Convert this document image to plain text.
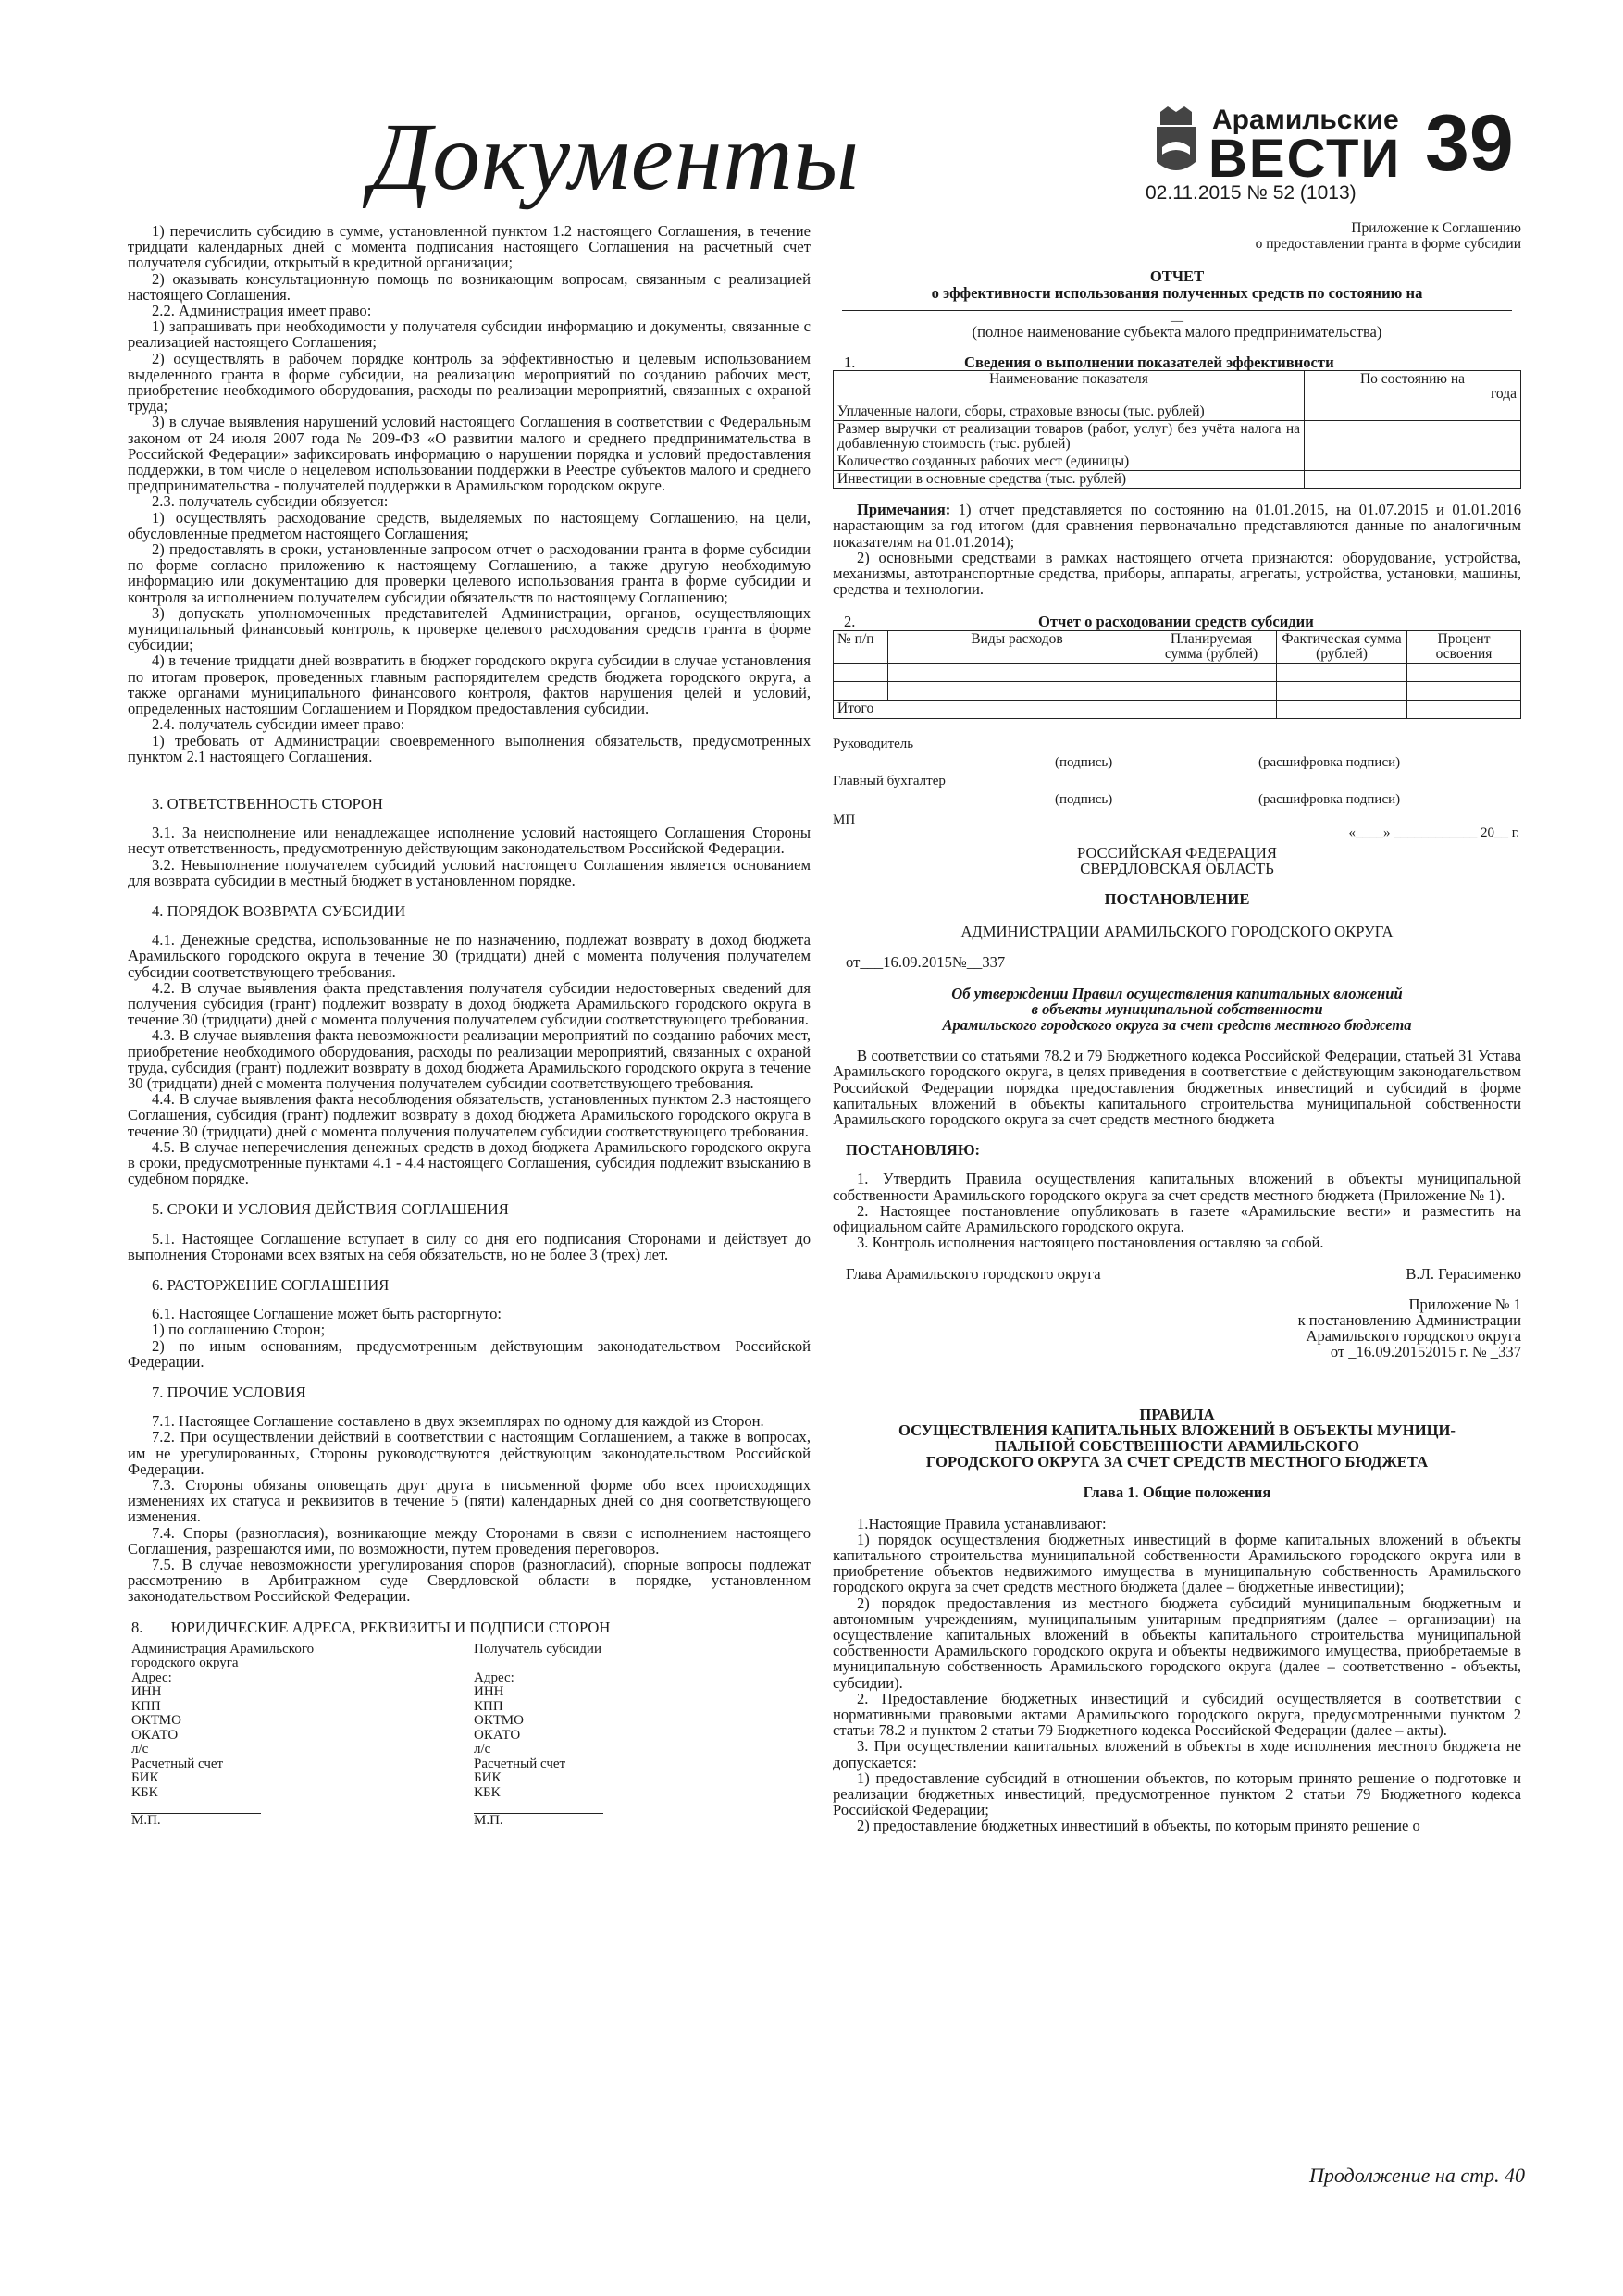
Документы	Арамильские
ВЕСТИ 39
02.11.2015 № 52 (1013)

1) перечислить субсидию в сумме, установленной пунктом 1.2 настоящего Соглашения, в течение тридцати календарных дней с момента подписания настоящего Соглашения на расчетный счет получателя субсидии, открытый в кредитной организации;

2) оказывать консультационную помощь по возникающим вопросам, связанным с реализацией настоящего Соглашения.

2.2. Администрация имеет право:

1) запрашивать при необходимости у получателя субсидии информацию и документы, связанные с реализацией настоящего Соглашения;

2) осуществлять в рабочем порядке контроль за эффективностью и целевым использованием выделенного гранта в форме субсидии, на реализацию мероприятий по созданию рабочих мест, приобретение необходимого оборудования, расходы по реализации мероприятий, связанных с охраной труда;

3) в случае выявления нарушений условий настоящего Соглашения в соответствии с Федеральным законом от 24 июля 2007 года № 209-ФЗ «О развитии малого и среднего предпринимательства в Российской Федерации» зафиксировать информацию о нарушении порядка и условий предоставления поддержки, в том числе о нецелевом использовании поддержки в Реестре субъектов малого и среднего предпринимательства - получателей поддержки в Арамильском городском округе.

2.3. получатель субсидии обязуется:

1) осуществлять расходование средств, выделяемых по настоящему Соглашению, на цели, обусловленные предметом настоящего Соглашения;

2) предоставлять в сроки, установленные запросом отчет о расходовании гранта в форме субсидии по форме согласно приложению к настоящему Соглашению, а также другую необходимую информацию или документацию для проверки целевого использования гранта в форме субсидии и контроля за исполнением получателем субсидии обязательств по настоящему Соглашению;

3) допускать уполномоченных представителей Администрации, органов, осуществляющих муниципальный финансовый контроль, к проверке целевого расходования средств гранта в форме субсидии;

4) в течение тридцати дней возвратить в бюджет городского округа субсидии в случае установления по итогам проверок, проведенных главным распорядителем средств бюджета городского округа, а также органами муниципального финансового контроля, фактов нарушения целей и условий, определенных настоящим Соглашением и Порядком предоставления субсидии.

2.4. получатель субсидии имеет право:

1) требовать от Администрации своевременного выполнения обязательств, предусмотренных пунктом 2.1 настоящего Соглашения.

3. ОТВЕТСТВЕННОСТЬ СТОРОН

3.1. За неисполнение или ненадлежащее исполнение условий настоящего Соглашения Стороны несут ответственность, предусмотренную действующим законодательством Российской Федерации.

3.2. Невыполнение получателем субсидий условий настоящего Соглашения является основанием для возврата субсидии в местный бюджет в установленном порядке.

4. ПОРЯДОК ВОЗВРАТА СУБСИДИИ

4.1. Денежные средства, использованные не по назначению, подлежат возврату в доход бюджета Арамильского городского округа в течение 30 (тридцати) дней с момента получения получателем субсидии соответствующего требования.

4.2. В случае выявления факта представления получателя субсидии недостоверных сведений для получения субсидия (грант) подлежит возврату в доход бюджета Арамильского городского округа в течение 30 (тридцати) дней с момента получения получателем субсидии соответствующего требования.

4.3. В случае выявления факта невозможности реализации мероприятий по созданию рабочих мест, приобретение необходимого оборудования, расходы по реализации мероприятий, связанных с охраной труда, субсидия (грант) подлежит возврату в доход бюджета Арамильского городского округа в течение 30 (тридцати) дней с момента получения получателем субсидии соответствующего требования.

4.4. В случае выявления факта несоблюдения обязательств, установленных пунктом 2.3 настоящего Соглашения, субсидия (грант) подлежит возврату в доход бюджета Арамильского городского округа в течение 30 (тридцати) дней с момента получения получателем субсидии соответствующего требования.

4.5. В случае неперечисления денежных средств в доход бюджета Арамильского городского округа в сроки, предусмотренные пунктами 4.1 - 4.4 настоящего Соглашения, субсидия подлежит взысканию в судебном порядке.

5. СРОКИ И УСЛОВИЯ ДЕЙСТВИЯ СОГЛАШЕНИЯ

5.1. Настоящее Соглашение вступает в силу со дня его подписания Сторонами и действует до выполнения Сторонами всех взятых на себя обязательств, но не более 3 (трех) лет.

6. РАСТОРЖЕНИЕ СОГЛАШЕНИЯ

6.1. Настоящее Соглашение может быть расторгнуто:

1) по соглашению Сторон;

2) по иным основаниям, предусмотренным действующим законодательством Российской Федерации.

7. ПРОЧИЕ УСЛОВИЯ

7.1. Настоящее Соглашение составлено в двух экземплярах по одному для каждой из Сторон.

7.2. При осуществлении действий в соответствии с настоящим Соглашением, а также в вопросах, им не урегулированных, Стороны руководствуются действующим законодательством Российской Федерации.

7.3. Стороны обязаны оповещать друг друга в письменной форме обо всех происходящих изменениях их статуса и реквизитов в течение 5 (пяти) календарных дней со дня соответствующего изменения.

7.4. Споры (разногласия), возникающие между Сторонами в связи с исполнением настоящего Соглашения, разрешаются ими, по возможности, путем проведения переговоров.

7.5. В случае невозможности урегулирования споров (разногласий), спорные вопросы подлежат рассмотрению в Арбитражном суде Свердловской области в порядке, установленном законодательством Российской Федерации.

8. ЮРИДИЧЕСКИЕ АДРЕСА, РЕКВИЗИТЫ И ПОДПИСИ СТОРОН

Администрация Арамильского
городского округа
Адрес:
ИНН
КПП
ОКТМО
ОКАТО
л/с
Расчетный счет
БИК
КБК
М.П.
Получатель субсидии
Адрес:
ИНН
КПП
ОКТМО
ОКАТО
л/с
Расчетный счет
БИК
КБК
М.П.

Приложение к Соглашению

о предоставлении гранта в форме субсидии

ОТЧЕТ

о эффективности использования полученных средств по состоянию на

__

(полное наименование субъекта малого предпринимательства)

1.	Сведения о выполнении показателей эффективности
Наименование показателя	По состоянию на
года

Уплаченные налоги, сборы, страховые взносы (тыс. рублей)	
Размер выручки от реализации товаров (работ, услуг) без учёта налога на добавленную стоимость (тыс. рублей)	
Количество созданных рабочих мест (единицы)	
Инвестиции в основные средства (тыс. рублей)	

Примечания: 1) отчет представляется по состоянию на 01.01.2015, на 01.07.2015 и 01.01.2016 нарастающим за год итогом (для сравнения первоначально представляются данные по аналогичным показателям на 01.01.2014);

2) основными средствами в рамках настоящего отчета признаются: оборудование, устройства, механизмы, автотранспортные средства, приборы, аппараты, агрегаты, устройства, установки, машины, средства и технологии.

2.	Отчет о расходовании средств субсидии
№ п/п	Виды расходов	Планируемая сумма (рублей)	Фактическая сумма (рублей)	Процент освоения

Итого				
Руководитель
(подпись)	(расшифровка подписи)
Главный бухгалтер
(подпись)	(расшифровка подписи)
МП
«____» ____________ 20__ г.

РОССИЙСКАЯ ФЕДЕРАЦИЯ

СВЕРДЛОВСКАЯ ОБЛАСТЬ

ПОСТАНОВЛЕНИЕ

АДМИНИСТРАЦИИ АРАМИЛЬСКОГО ГОРОДСКОГО ОКРУГА

от___16.09.2015№__337

Об утверждении Правил осуществления капитальных вложений

в объекты муниципальной собственности

Арамильского городского округа за счет средств местного бюджета

В соответствии со статьями 78.2 и 79 Бюджетного кодекса Российской Федерации, статьей 31 Устава Арамильского городского округа, в целях приведения в соответствие с действующим законодательством Российской Федерации порядка предоставления бюджетных инвестиций и субсидий в форме капитальных вложений в объекты капитального строительства муниципальной собственности Арамильского городского округа за счет средств местного бюджета

ПОСТАНОВЛЯЮ:

1. Утвердить Правила осуществления капитальных вложений в объекты муниципальной собственности Арамильского городского округа за счет средств местного бюджета (Приложение № 1).

2. Настоящее постановление опубликовать в газете «Арамильские вести» и разместить на официальном сайте Арамильского городского округа.

3. Контроль исполнения настоящего постановления оставляю за собой.

Глава Арамильского городского округа	В.Л. Герасименко

Приложение № 1

к постановлению Администрации

Арамильского городского округа

от _16.09.20152015 г. № _337

ПРАВИЛА

ОСУЩЕСТВЛЕНИЯ КАПИТАЛЬНЫХ ВЛОЖЕНИЙ В ОБЪЕКТЫ МУНИЦИ-

ПАЛЬНОЙ СОБСТВЕННОСТИ АРАМИЛЬСКОГО

ГОРОДСКОГО ОКРУГА ЗА СЧЕТ СРЕДСТВ МЕСТНОГО БЮДЖЕТА

Глава 1. Общие положения

1.Настоящие Правила устанавливают:

1) порядок осуществления бюджетных инвестиций в форме капитальных вложений в объекты капитального строительства муниципальной собственности Арамильского городского округа или в приобретение объектов недвижимого имущества в муниципальную собственность Арамильского городского округа за счет средств местного бюджета (далее – бюджетные инвестиции);

2) порядок предоставления из местного бюджета субсидий муниципальным бюджетным и автономным учреждениям, муниципальным унитарным предприятиям (далее – организации) на осуществление капитальных вложений в объекты капитального строительства муниципальной собственности Арамильского городского округа и объекты недвижимого имущества, приобретаемые в муниципальную собственность Арамильского городского округа (далее – соответственно - объекты, субсидии).

2. Предоставление бюджетных инвестиций и субсидий осуществляется в соответствии с нормативными правовыми актами Арамильского городского округа, предусмотренными пунктом 2 статьи 78.2 и пунктом 2 статьи 79 Бюджетного кодекса Российской Федерации (далее – акты).

3. При осуществлении капитальных вложений в объекты в ходе исполнения местного бюджета не допускается:

1) предоставление субсидий в отношении объектов, по которым принято решение о подготовке и реализации бюджетных инвестиций, предусмотренное пунктом 2 статьи 79 Бюджетного кодекса Российской Федерации;

2) предоставление бюджетных инвестиций в объекты, по которым принято решение о

Продолжение на стр. 40
